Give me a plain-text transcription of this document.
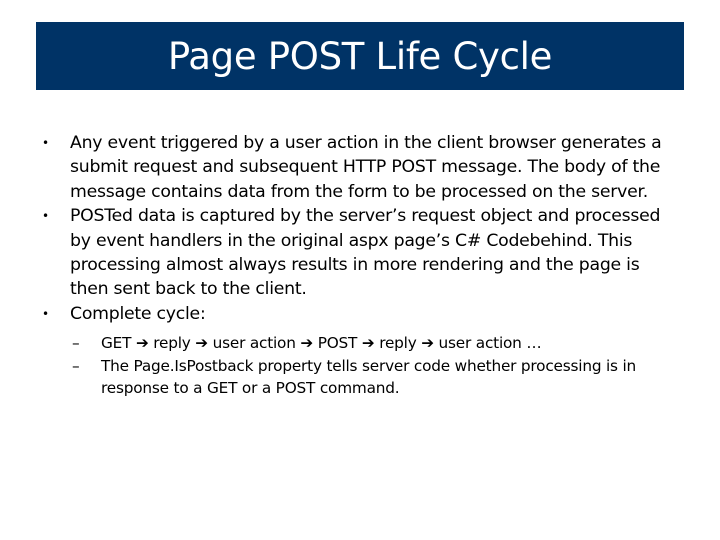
Page POST Life Cycle
• Any event triggered by a user action in the client browser generates a submit request and subsequent HTTP POST message. The body of the message contains data from the form to be processed on the server.
• POSTed data is captured by the server’s request object and processed by event handlers in the original aspx page’s C# Codebehind. This processing almost always results in more rendering and the page is then sent back to the client.
• Complete cycle:
– GET ➔ reply ➔ user action ➔ POST ➔ reply ➔ user action …
– The Page.IsPostback property tells server code whether processing is in response to a GET or a POST command.
